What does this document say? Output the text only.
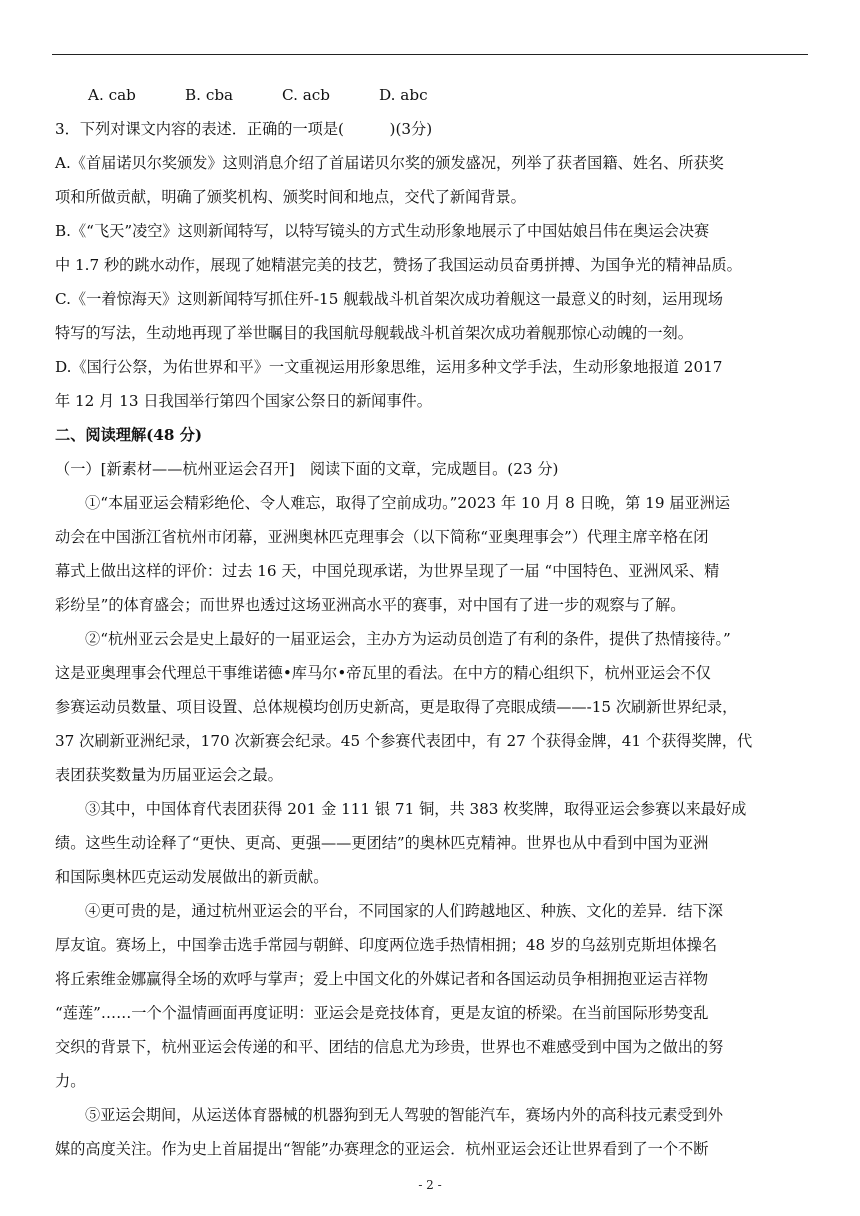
A. cab	B. cba	C. acb	D. abc
3．下列对课文内容的表述．正确的一项是(　　　)(3分)
A.《首届诺贝尔奖颁发》这则消息介绍了首届诺贝尔奖的颁发盛况，列举了获者国籍、姓名、所获奖
项和所做贡献，明确了颁奖机构、颁奖时间和地点，交代了新闻背景。
B.《“飞天”凌空》这则新闻特写，以特写镜头的方式生动形象地展示了中国姑娘吕伟在奥运会决赛
中 1.7 秒的跳水动作，展现了她精湛完美的技艺，赞扬了我国运动员奋勇拼搏、为国争光的精神品质。
C.《一着惊海天》这则新闻特写抓住歼-15 舰载战斗机首架次成功着舰这一最意义的时刻，运用现场
特写的写法，生动地再现了举世瞩目的我国航母舰载战斗机首架次成功着舰那惊心动魄的一刻。
D.《国行公祭，为佑世界和平》一文重视运用形象思维，运用多种文学手法，生动形象地报道 2017
年 12 月 13 日我国举行第四个国家公祭日的新闻事件。
二、阅读理解(48 分)
（一）[新素材——杭州亚运会召开]　阅读下面的文章，完成题目。(23 分)
①“本届亚运会精彩绝伦、令人难忘，取得了空前成功。”2023 年 10 月 8 日晚，第 19 届亚洲运
动会在中国浙江省杭州市闭幕，亚洲奥林匹克理事会（以下简称“亚奥理事会”）代理主席辛格在闭
幕式上做出这样的评价：过去 16 天，中国兑现承诺，为世界呈现了一届 “中国特色、亚洲风采、精
彩纷呈”的体育盛会；而世界也透过这场亚洲高水平的赛事，对中国有了进一步的观察与了解。
②“杭州亚云会是史上最好的一届亚运会，主办方为运动员创造了有利的条件，提供了热情接待。”
这是亚奥理事会代理总干事维诺德•库马尔•帝瓦里的看法。在中方的精心组织下，杭州亚运会不仅
参赛运动员数量、项目设置、总体规模均创历史新高，更是取得了亮眼成绩——-15 次刷新世界纪录，
37 次刷新亚洲纪录，170 次新赛会纪录。45 个参赛代表团中，有 27 个获得金牌，41 个获得奖牌，代
表团获奖数量为历届亚运会之最。
③其中，中国体育代表团获得 201 金 111 银 71 铜，共 383 枚奖牌，取得亚运会参赛以来最好成
绩。这些生动诠释了“更快、更高、更强——更团结”的奥林匹克精神。世界也从中看到中国为亚洲
和国际奥林匹克运动发展做出的新贡献。
④更可贵的是，通过杭州亚运会的平台，不同国家的人们跨越地区、种族、文化的差异．结下深
厚友谊。赛场上，中国拳击选手常园与朝鲜、印度两位选手热情相拥；48 岁的乌兹别克斯坦体操名
将丘索维金娜赢得全场的欢呼与掌声；爱上中国文化的外媒记者和各国运动员争相拥抱亚运吉祥物
“莲莲”……一个个温情画面再度证明：亚运会是竞技体育，更是友谊的桥梁。在当前国际形势变乱
交织的背景下，杭州亚运会传递的和平、团结的信息尤为珍贵，世界也不难感受到中国为之做出的努
力。
⑤亚运会期间，从运送体育器械的机器狗到无人驾驶的智能汽车，赛场内外的高科技元素受到外
媒的高度关注。作为史上首届提出“智能”办赛理念的亚运会．杭州亚运会还让世界看到了一个不断
- 2 -
